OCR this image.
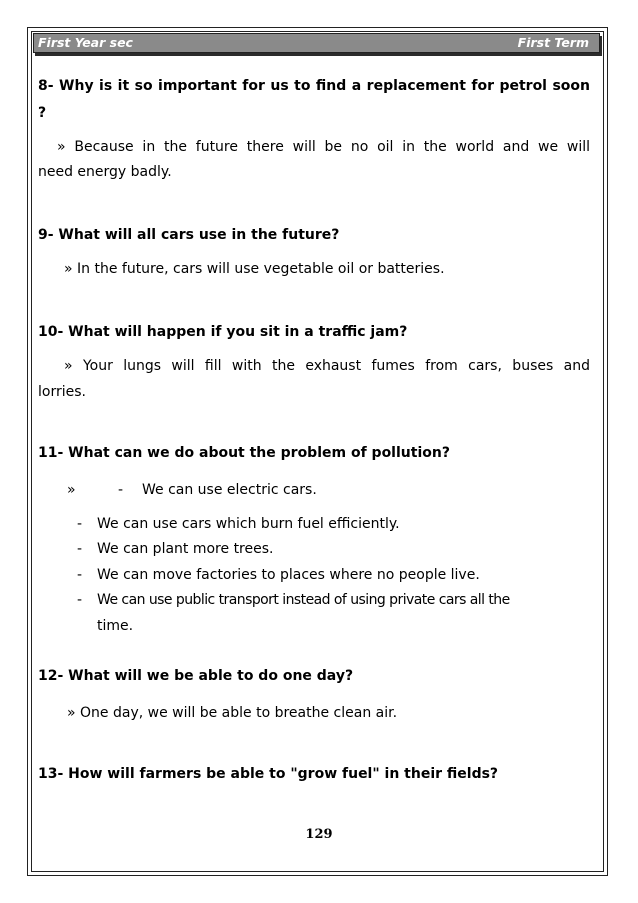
First Year sec	First Term
8- Why is it so important for us to find a replacement for petrol soon
?
» Because in the future there will be no oil in the world and we will
need energy badly.
9- What will all cars use in the future?
» In the future, cars will use vegetable oil or batteries.
10- What will happen if you sit in a traffic jam?
» Your lungs will fill with the exhaust fumes from cars, buses and
lorries.
11- What can we do about the problem of pollution?
»	- We can use electric cars.
- We can use cars which burn fuel efficiently.
- We can plant more trees.
- We can move factories to places where no people live.
- We can use public transport instead of using private cars all the
time.
12- What will we be able to do one day?
» One day, we will be able to breathe clean air.
13- How will farmers be able to "grow fuel" in their fields?
129
